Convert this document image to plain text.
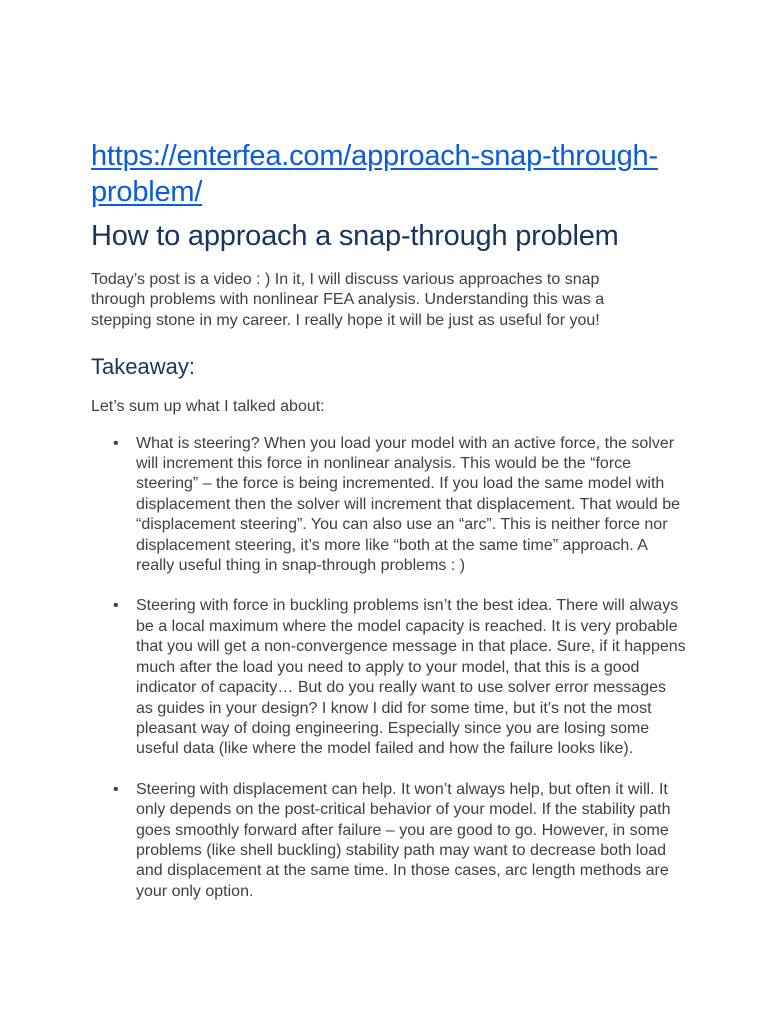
https://enterfea.com/approach-snap-through-problem/
How to approach a snap-through problem

Today’s post is a video : ) In it, I will discuss various approaches to snap through problems with nonlinear FEA analysis. Understanding this was a stepping stone in my career. I really hope it will be just as useful for you!

Takeaway:

Let’s sum up what I talked about:

• What is steering? When you load your model with an active force, the solver will increment this force in nonlinear analysis. This would be the “force steering” – the force is being incremented. If you load the same model with displacement then the solver will increment that displacement. That would be “displacement steering”. You can also use an “arc”. This is neither force nor displacement steering, it’s more like “both at the same time” approach. A really useful thing in snap-through problems : )
• Steering with force in buckling problems isn’t the best idea. There will always be a local maximum where the model capacity is reached. It is very probable that you will get a non-convergence message in that place. Sure, if it happens much after the load you need to apply to your model, that this is a good indicator of capacity… But do you really want to use solver error messages as guides in your design? I know I did for some time, but it’s not the most pleasant way of doing engineering. Especially since you are losing some useful data (like where the model failed and how the failure looks like).
• Steering with displacement can help. It won’t always help, but often it will. It only depends on the post-critical behavior of your model. If the stability path goes smoothly forward after failure – you are good to go. However, in some problems (like shell buckling) stability path may want to decrease both load and displacement at the same time. In those cases, arc length methods are your only option.
